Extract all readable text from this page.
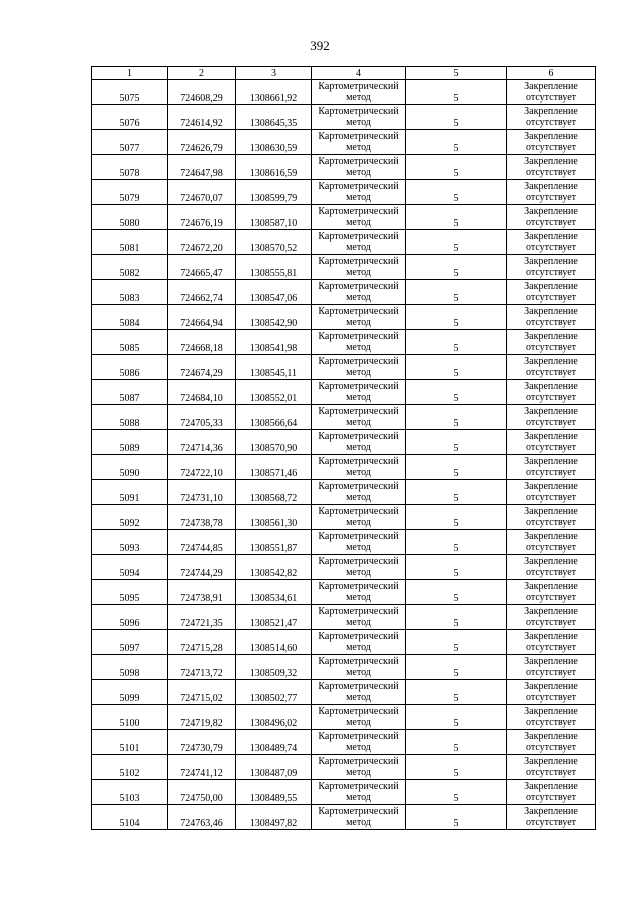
392
1	2	3	4	5	6
5075	724608,29	1308661,92	Картометрический метод	5	Закрепление отсутствует
5076	724614,92	1308645,35	Картометрический метод	5	Закрепление отсутствует
5077	724626,79	1308630,59	Картометрический метод	5	Закрепление отсутствует
5078	724647,98	1308616,59	Картометрический метод	5	Закрепление отсутствует
5079	724670,07	1308599,79	Картометрический метод	5	Закрепление отсутствует
5080	724676,19	1308587,10	Картометрический метод	5	Закрепление отсутствует
5081	724672,20	1308570,52	Картометрический метод	5	Закрепление отсутствует
5082	724665,47	1308555,81	Картометрический метод	5	Закрепление отсутствует
5083	724662,74	1308547,06	Картометрический метод	5	Закрепление отсутствует
5084	724664,94	1308542,90	Картометрический метод	5	Закрепление отсутствует
5085	724668,18	1308541,98	Картометрический метод	5	Закрепление отсутствует
5086	724674,29	1308545,11	Картометрический метод	5	Закрепление отсутствует
5087	724684,10	1308552,01	Картометрический метод	5	Закрепление отсутствует
5088	724705,33	1308566,64	Картометрический метод	5	Закрепление отсутствует
5089	724714,36	1308570,90	Картометрический метод	5	Закрепление отсутствует
5090	724722,10	1308571,46	Картометрический метод	5	Закрепление отсутствует
5091	724731,10	1308568,72	Картометрический метод	5	Закрепление отсутствует
5092	724738,78	1308561,30	Картометрический метод	5	Закрепление отсутствует
5093	724744,85	1308551,87	Картометрический метод	5	Закрепление отсутствует
5094	724744,29	1308542,82	Картометрический метод	5	Закрепление отсутствует
5095	724738,91	1308534,61	Картометрический метод	5	Закрепление отсутствует
5096	724721,35	1308521,47	Картометрический метод	5	Закрепление отсутствует
5097	724715,28	1308514,60	Картометрический метод	5	Закрепление отсутствует
5098	724713,72	1308509,32	Картометрический метод	5	Закрепление отсутствует
5099	724715,02	1308502,77	Картометрический метод	5	Закрепление отсутствует
5100	724719,82	1308496,02	Картометрический метод	5	Закрепление отсутствует
5101	724730,79	1308489,74	Картометрический метод	5	Закрепление отсутствует
5102	724741,12	1308487,09	Картометрический метод	5	Закрепление отсутствует
5103	724750,00	1308489,55	Картометрический метод	5	Закрепление отсутствует
5104	724763,46	1308497,82	Картометрический метод	5	Закрепление отсутствует
